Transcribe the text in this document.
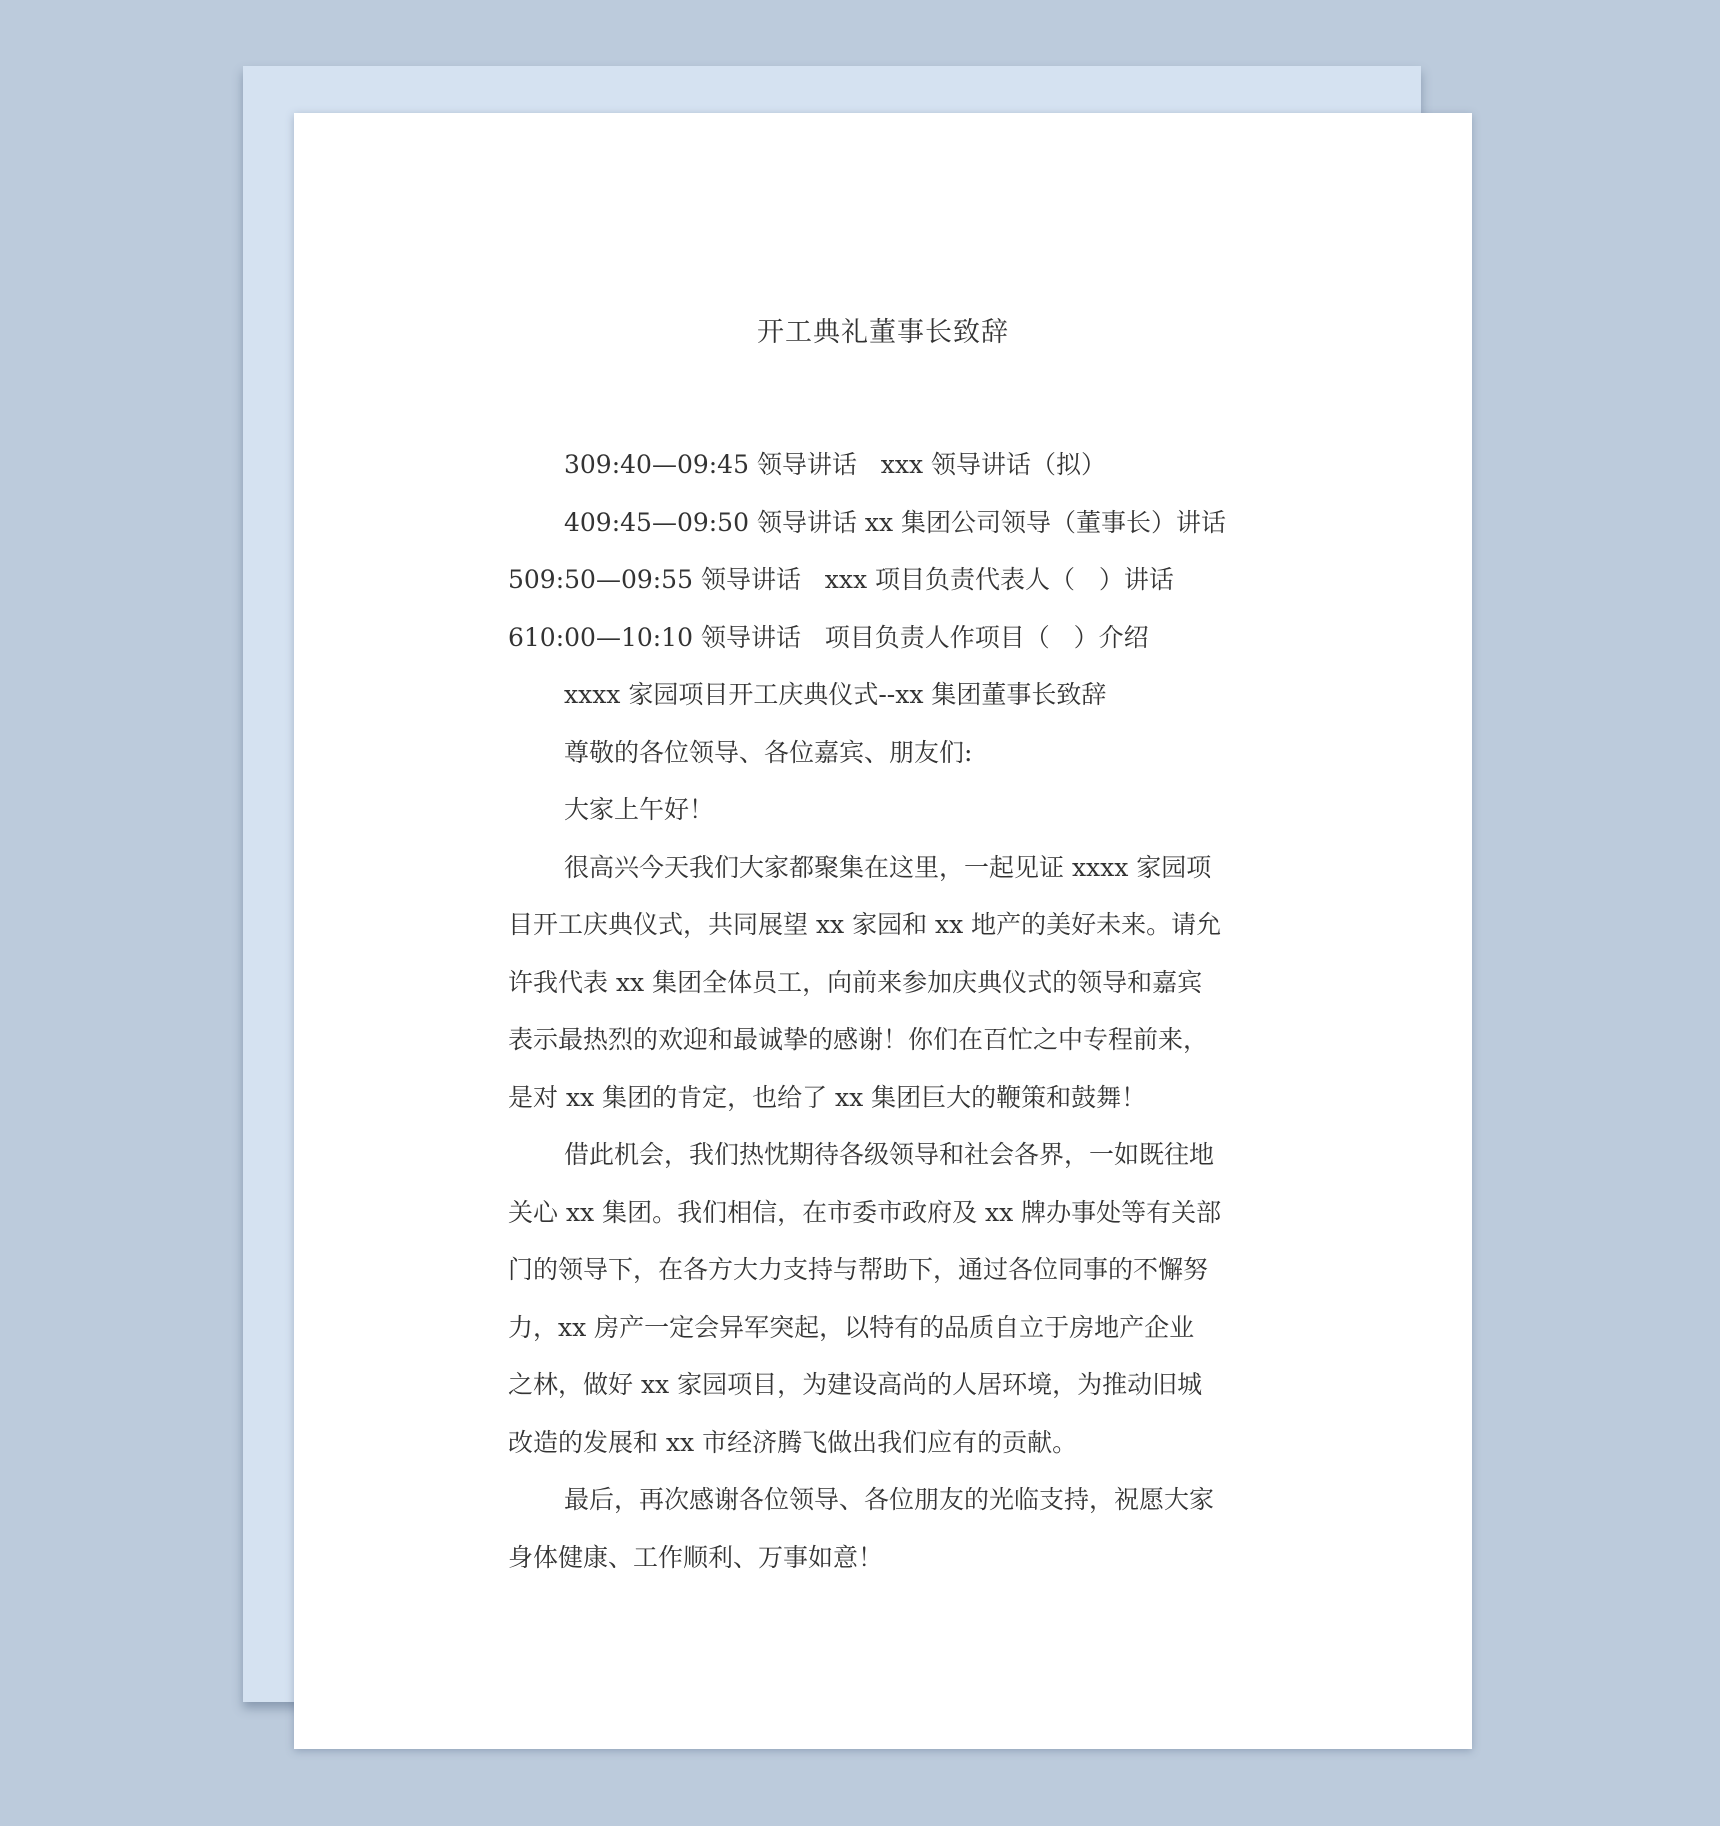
开工典礼董事长致辞

309:40—09:45 领导讲话   xxx 领导讲话（拟）

409:45—09:50 领导讲话 xx 集团公司领导（董事长）讲话

509:50—09:55 领导讲话   xxx 项目负责代表人（   ）讲话

610:00—10:10 领导讲话   项目负责人作项目（   ）介绍

xxxx 家园项目开工庆典仪式--xx 集团董事长致辞

尊敬的各位领导、各位嘉宾、朋友们:

大家上午好！

很高兴今天我们大家都聚集在这里，一起见证 xxxx 家园项

目开工庆典仪式，共同展望 xx 家园和 xx 地产的美好未来。请允

许我代表 xx 集团全体员工，向前来参加庆典仪式的领导和嘉宾

表示最热烈的欢迎和最诚挚的感谢！你们在百忙之中专程前来，

是对 xx 集团的肯定，也给了 xx 集团巨大的鞭策和鼓舞！

借此机会，我们热忱期待各级领导和社会各界，一如既往地

关心 xx 集团。我们相信，在市委市政府及 xx 牌办事处等有关部

门的领导下，在各方大力支持与帮助下，通过各位同事的不懈努

力，xx 房产一定会异军突起，以特有的品质自立于房地产企业

之林，做好 xx 家园项目，为建设高尚的人居环境，为推动旧城

改造的发展和 xx 市经济腾飞做出我们应有的贡献。

最后，再次感谢各位领导、各位朋友的光临支持，祝愿大家

身体健康、工作顺利、万事如意！
